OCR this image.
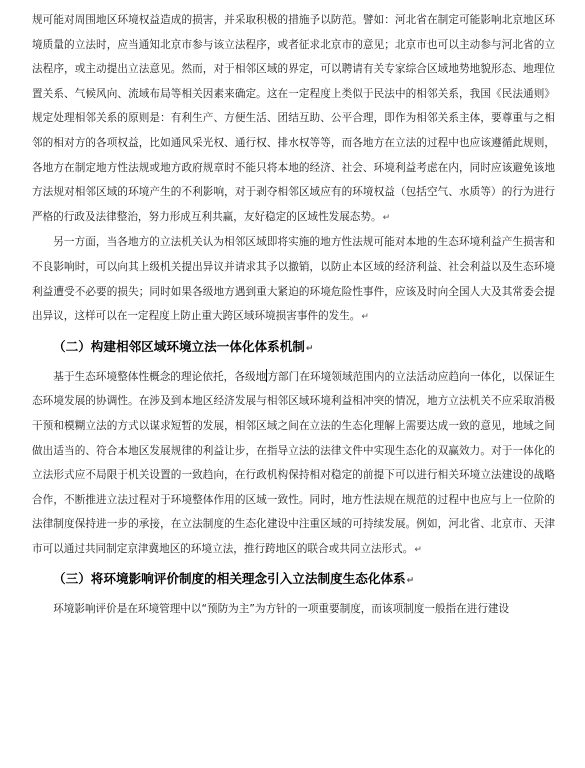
规可能对周围地区环境权益造成的损害，并采取积极的措施予以防范。譬如：河北省在制定可能影响北京地区环境质量的立法时，应当通知北京市参与该立法程序，或者征求北京市的意见；北京市也可以主动参与河北省的立法程序，或主动提出立法意见。然而，对于相邻区域的界定，可以聘请有关专家综合区域地势地貌形态、地理位置关系、气候风向、流域布局等相关因素来确定。这在一定程度上类似于民法中的相邻关系，我国《民法通则》规定处理相邻关系的原则是：有利生产、方便生活、团结互助、公平合理，即作为相邻关系主体，要尊重与之相邻的相对方的各项权益，比如通风采光权、通行权、排水权等等，而各地方在立法的过程中也应该遵循此规则，各地方在制定地方性法规或地方政府规章时不能只将本地的经济、社会、环境利益考虑在内，同时应该避免该地方法规对相邻区域的环境产生的不利影响，对于剥夺相邻区域应有的环境权益（包括空气、水质等）的行为进行严格的行政及法律整治，努力形成互利共赢，友好稳定的区域性发展态势。↵

另一方面，当各地方的立法机关认为相邻区域即将实施的地方性法规可能对本地的生态环境利益产生损害和不良影响时，可以向其上级机关提出异议并请求其予以撤销，以防止本区域的经济利益、社会利益以及生态环境利益遭受不必要的损失；同时如果各级地方遇到重大紧迫的环境危险性事件，应该及时向全国人大及其常委会提出异议，这样可以在一定程度上防止重大跨区域环境损害事件的发生。↵

（二）构建相邻区域环境立法一体化体系机制↵

基于生态环境整体性概念的理论依托，各级地方部门在环境领域范围内的立法活动应趋向一体化，以保证生态环境发展的协调性。在涉及到本地区经济发展与相邻区域环境利益相冲突的情况，地方立法机关不应采取消极干预和模糊立法的方式以谋求短暂的发展，相邻区域之间在立法的生态化理解上需要达成一致的意见，地域之间做出适当的、符合本地区发展规律的利益让步，在指导立法的法律文件中实现生态化的双赢效力。对于一体化的立法形式应不局限于机关设置的一致趋向，在行政机构保持相对稳定的前提下可以进行相关环境立法建设的战略合作，不断推进立法过程对于环境整体作用的区域一致性。同时，地方性法规在规范的过程中也应与上一位阶的法律制度保持进一步的承接，在立法制度的生态化建设中注重区域的可持续发展。例如，河北省、北京市、天津市可以通过共同制定京津冀地区的环境立法，推行跨地区的联合或共同立法形式。↵

（三）将环境影响评价制度的相关理念引入立法制度生态化体系↵

环境影响评价是在环境管理中以“预防为主”为方针的一项重要制度，而该项制度一般指在进行建设
